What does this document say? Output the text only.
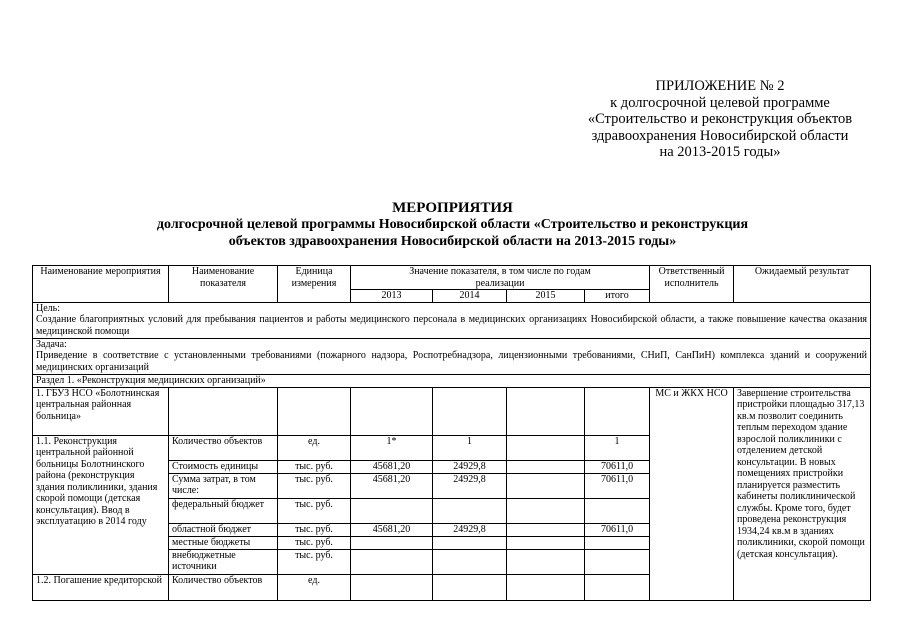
ПРИЛОЖЕНИЕ № 2
к долгосрочной целевой программе
«Строительство и реконструкция объектов
здравоохранения Новосибирской области
на 2013-2015 годы»
МЕРОПРИЯТИЯ
долгосрочной целевой программы Новосибирской области «Строительство и реконструкция
объектов здравоохранения Новосибирской области на 2013-2015 годы»
Наименование мероприятия	Наименование показателя	Единица измерения	Значение показателя, в том числе по годам реализации				Ответственный исполнитель	Ожидаемый результат
			2013	2014	2015	итого		

Цель:
Создание благоприятных условий для пребывания пациентов и работы медицинского персонала в медицинских организациях Новосибирской области, а также повышение качества оказания медицинской помощи								

Задача:
Приведение в соответствие с установленными требованиями (пожарного надзора, Роспотребнадзора, лицензионными требованиями, СНиП, СанПиН) комплекса зданий и сооружений медицинских организаций								

Раздел 1. «Реконструкция медицинских организаций»								
1. ГБУЗ НСО «Болотнинская центральная районная больница»							МС и ЖКХ НСО	Завершение строительства пристройки площадью 317,13 кв.м позволит соединить теплым переходом здание взрослой поликлиники с отделением детской консультации. В новых помещениях пристройки планируется разместить кабинеты поликлинической службы. Кроме того, будет проведена реконструкция 1934,24 кв.м в зданиях поликлиники, скорой помощи (детская консультация).
1.1. Реконструкция центральной районной больницы Болотнинского района (реконструкция здания поликлиники, здания скорой помощи (детская консультация). Ввод в эксплуатацию в 2014 году	Количество объектов	ед.	1*	1		1		
	Стоимость единицы	тыс. руб.	45681,20	24929,8		70611,0		
	Сумма затрат, в том числе:	тыс. руб.	45681,20	24929,8		70611,0		
	федеральный бюджет	тыс. руб.						
	областной бюджет	тыс. руб.	45681,20	24929,8		70611,0		
	местные бюджеты	тыс. руб.						
	внебюджетные источники	тыс. руб.						
1.2. Погашение кредиторской	Количество объектов	ед.						
